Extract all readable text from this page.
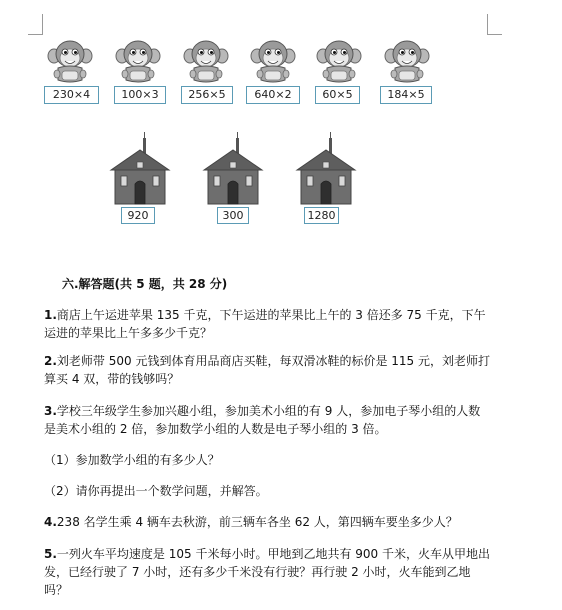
230×4	100×3	256×5	640×2	60×5	184×5
920	300	1280
六.解答题(共 5 题，共 28 分)
1.商店上午运进苹果 135 千克，下午运进的苹果比上午的 3 倍还多 75 千克，下午运进的苹果比上午多多少千克？
2.刘老师带 500 元钱到体育用品商店买鞋，每双滑冰鞋的标价是 115 元，刘老师打算买 4 双，带的钱够吗？
3.学校三年级学生参加兴趣小组，参加美术小组的有 9 人，参加电子琴小组的人数是美术小组的 2 倍，参加数学小组的人数是电子琴小组的 3 倍。
（1）参加数学小组的有多少人？
（2）请你再提出一个数学问题，并解答。
4.238 名学生乘 4 辆车去秋游，前三辆车各坐 62 人，第四辆车要坐多少人？
5.一列火车平均速度是 105 千米每小时。甲地到乙地共有 900 千米，火车从甲地出发，已经行驶了 7 小时，还有多少千米没有行驶？再行驶 2 小时，火车能到乙地吗？
